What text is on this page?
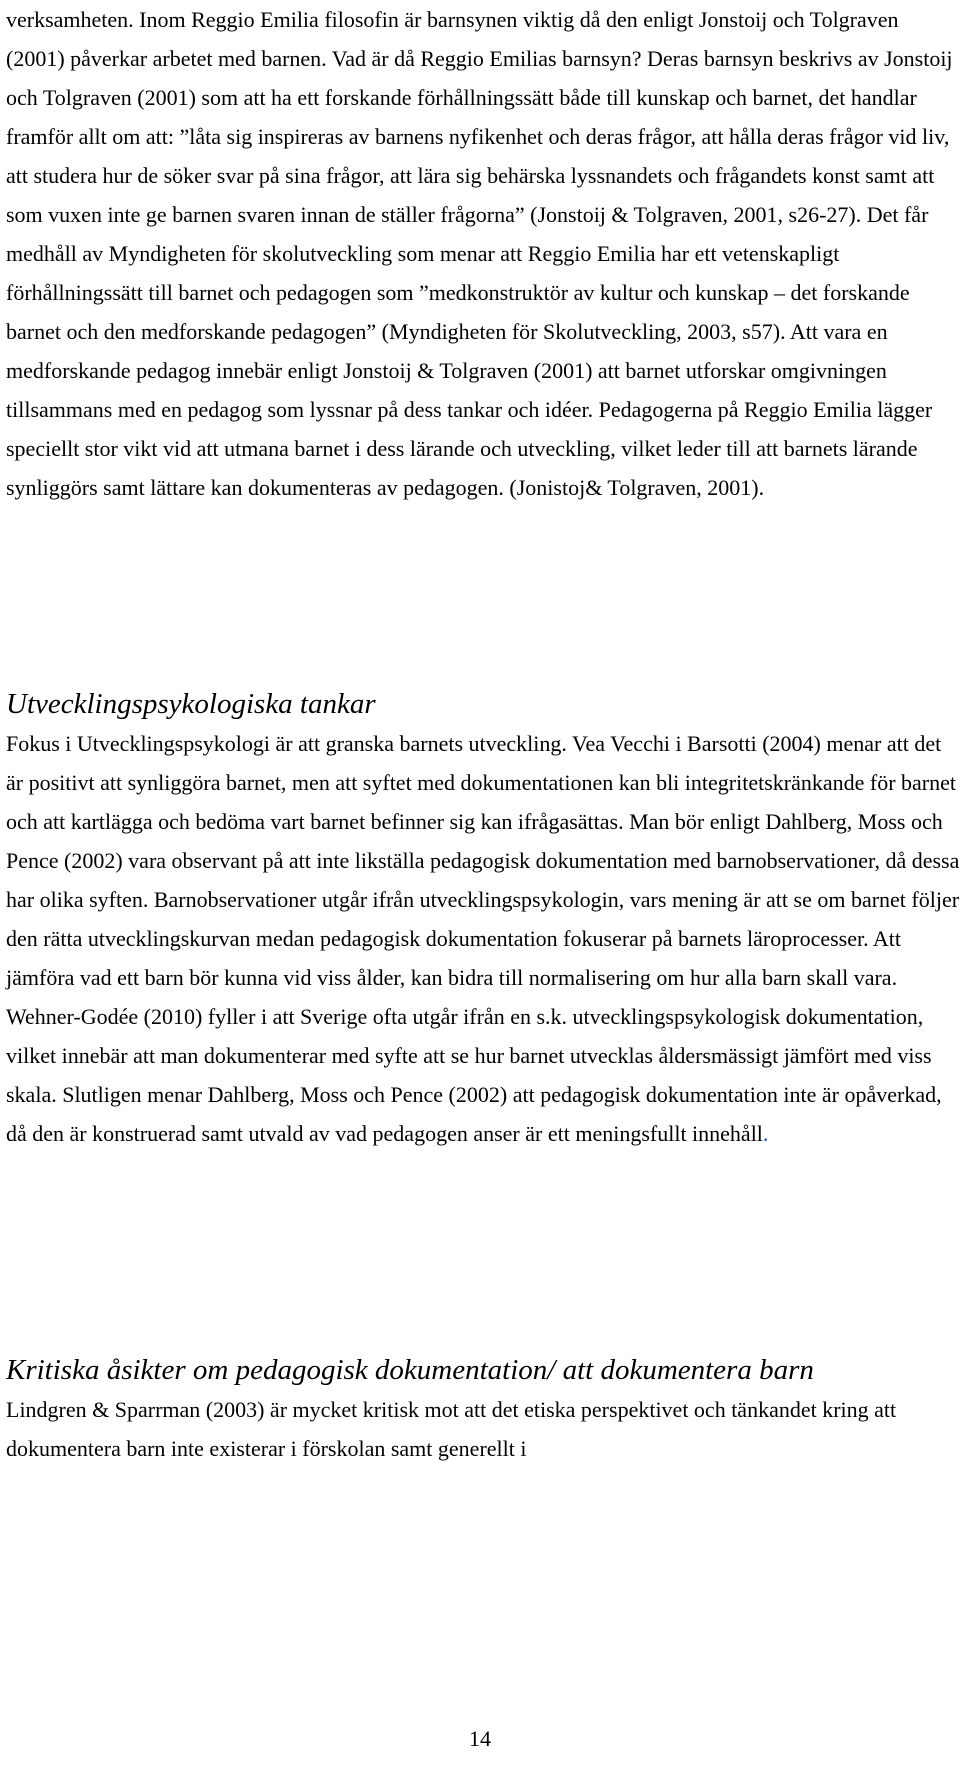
verksamheten. Inom Reggio Emilia filosofin är barnsynen viktig då den enligt Jonstoij och Tolgraven (2001) påverkar arbetet med barnen. Vad är då Reggio Emilias barnsyn? Deras barnsyn beskrivs av Jonstoij och Tolgraven (2001) som att ha ett forskande förhållningssätt både till kunskap och barnet, det handlar framför allt om att: ”låta sig inspireras av barnens nyfikenhet och deras frågor, att hålla deras frågor vid liv, att studera hur de söker svar på sina frågor, att lära sig behärska lyssnandets och frågandets konst samt att som vuxen inte ge barnen svaren innan de ställer frågorna” (Jonstoij & Tolgraven, 2001, s26-27). Det får medhåll av Myndigheten för skolutveckling som menar att Reggio Emilia har ett vetenskapligt förhållningssätt till barnet och pedagogen som ”medkonstruktör av kultur och kunskap – det forskande barnet och den medforskande pedagogen” (Myndigheten för Skolutveckling, 2003, s57). Att vara en medforskande pedagog innebär enligt Jonstoij & Tolgraven (2001) att barnet utforskar omgivningen tillsammans med en pedagog som lyssnar på dess tankar och idéer. Pedagogerna på Reggio Emilia lägger speciellt stor vikt vid att utmana barnet i dess lärande och utveckling, vilket leder till att barnets lärande synliggörs samt lättare kan dokumenteras av pedagogen. (Jonistoj& Tolgraven, 2001).

Utvecklingspsykologiska tankar

Fokus i Utvecklingspsykologi är att granska barnets utveckling. Vea Vecchi i Barsotti (2004) menar att det är positivt att synliggöra barnet, men att syftet med dokumentationen kan bli integritetskränkande för barnet och att kartlägga och bedöma vart barnet befinner sig kan ifrågasättas. Man bör enligt Dahlberg, Moss och Pence (2002) vara observant på att inte likställa pedagogisk dokumentation med barnobservationer, då dessa har olika syften. Barnobservationer utgår ifrån utvecklingspsykologin, vars mening är att se om barnet följer den rätta utvecklingskurvan medan pedagogisk dokumentation fokuserar på barnets läroprocesser. Att jämföra vad ett barn bör kunna vid viss ålder, kan bidra till normalisering om hur alla barn skall vara. Wehner-Godée (2010) fyller i att Sverige ofta utgår ifrån en s.k. utvecklingspsykologisk dokumentation, vilket innebär att man dokumenterar med syfte att se hur barnet utvecklas åldersmässigt jämfört med viss skala. Slutligen menar Dahlberg, Moss och Pence (2002) att pedagogisk dokumentation inte är opåverkad, då den är konstruerad samt utvald av vad pedagogen anser är ett meningsfullt innehåll.

Kritiska åsikter om pedagogisk dokumentation/ att dokumentera barn

Lindgren & Sparrman (2003) är mycket kritisk mot att det etiska perspektivet och tänkandet kring att dokumentera barn inte existerar i förskolan samt generellt i

14
